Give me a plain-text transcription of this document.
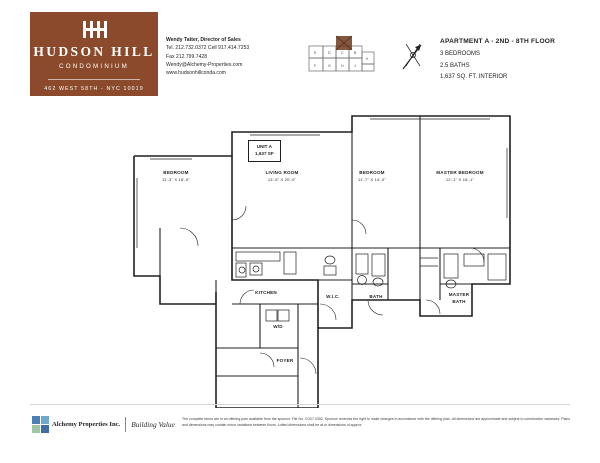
HUDSON HILL
CONDOMINIUM
462 WEST 58TH - NYC 10019
Wendy Tatter, Director of Sales
Tel. 212.732.0372 Cell 917.414.7253
Fax 212.799.7428
Wendy@Alchemy-Properties.com
www.hudsonhillconda.com
E	D	C	B
F	G	H	J
K
APARTMENT A - 2ND - 8TH FLOOR
3 BEDROOMS
2.5 BATHS
1,637 SQ. FT. INTERIOR
UNIT A
1,637 SF
BEDROOM
11'-3" X 16'-0"
LIVING ROOM
13'-5" X 20'-0"
BEDROOM
11'-7" X 14'-0"
MASTER BEDROOM
12'-1" X 16'-1"
KITCHEN
W.I.C.	BATH	MASTER BATH
W/D
FOYER
Alchemy Properties Inc. Building Value
The complete terms are in an offering plan available from the sponsor. File No. CD07-0352. Sponsor reserves the right to make changes in accordance with the offering plan. All dimensions are approximate and subject to construction variances. Plans and dimensions may contain minor variations between floors. Lofted dimensions shall be at or dimensions of approx.
